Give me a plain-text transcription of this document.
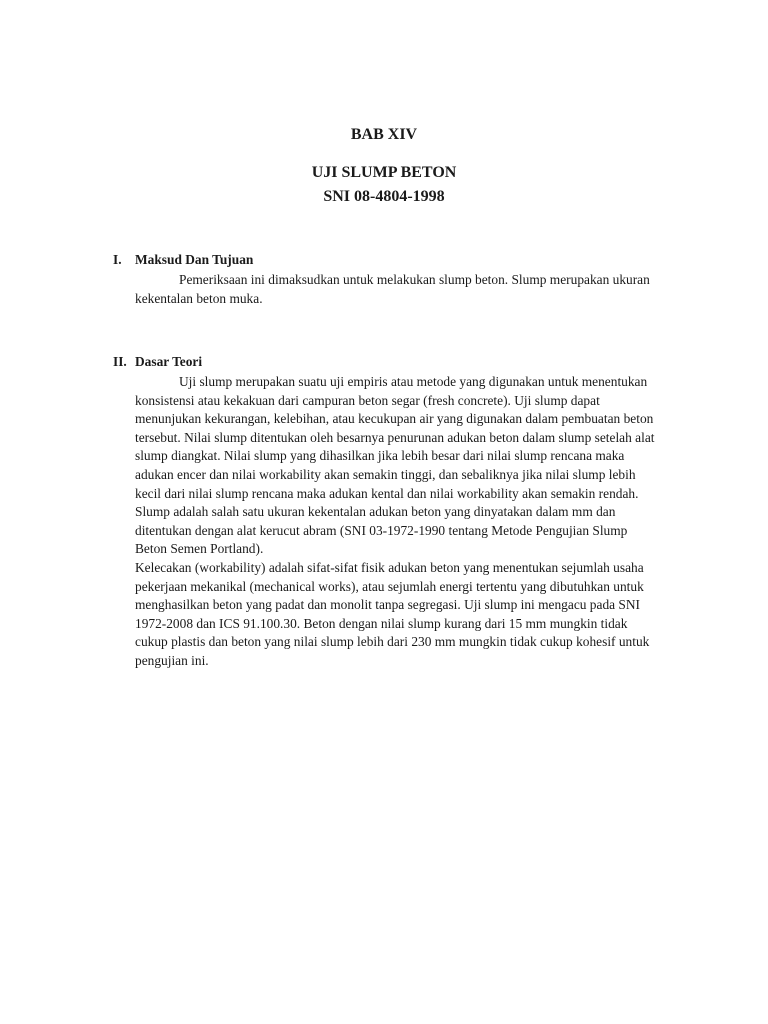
BAB XIV
UJI SLUMP BETON
SNI 08-4804-1998
I. Maksud Dan Tujuan
Pemeriksaan ini dimaksudkan untuk melakukan slump beton. Slump merupakan ukuran
kekentalan beton muka.
II. Dasar Teori
Uji slump merupakan suatu uji empiris atau metode yang digunakan untuk menentukan
konsistensi atau kekakuan dari campuran beton segar (fresh concrete). Uji slump dapat
menunjukan kekurangan, kelebihan, atau kecukupan air yang digunakan dalam pembuatan beton
tersebut. Nilai slump ditentukan oleh besarnya penurunan adukan beton dalam slump setelah alat
slump diangkat. Nilai slump yang dihasilkan jika lebih besar dari nilai slump rencana maka
adukan encer dan nilai workability akan semakin tinggi, dan sebaliknya jika nilai slump lebih
kecil dari nilai slump rencana maka adukan kental dan nilai workability akan semakin rendah.
Slump adalah salah satu ukuran kekentalan adukan beton yang dinyatakan dalam mm dan
ditentukan dengan alat kerucut abram (SNI 03-1972-1990 tentang Metode Pengujian Slump
Beton Semen Portland).
Kelecakan (workability) adalah sifat-sifat fisik adukan beton yang menentukan sejumlah usaha
pekerjaan mekanikal (mechanical works), atau sejumlah energi tertentu yang dibutuhkan untuk
menghasilkan beton yang padat dan monolit tanpa segregasi. Uji slump ini mengacu pada SNI
1972-2008 dan ICS 91.100.30. Beton dengan nilai slump kurang dari 15 mm mungkin tidak
cukup plastis dan beton yang nilai slump lebih dari 230 mm mungkin tidak cukup kohesif untuk
pengujian ini.
